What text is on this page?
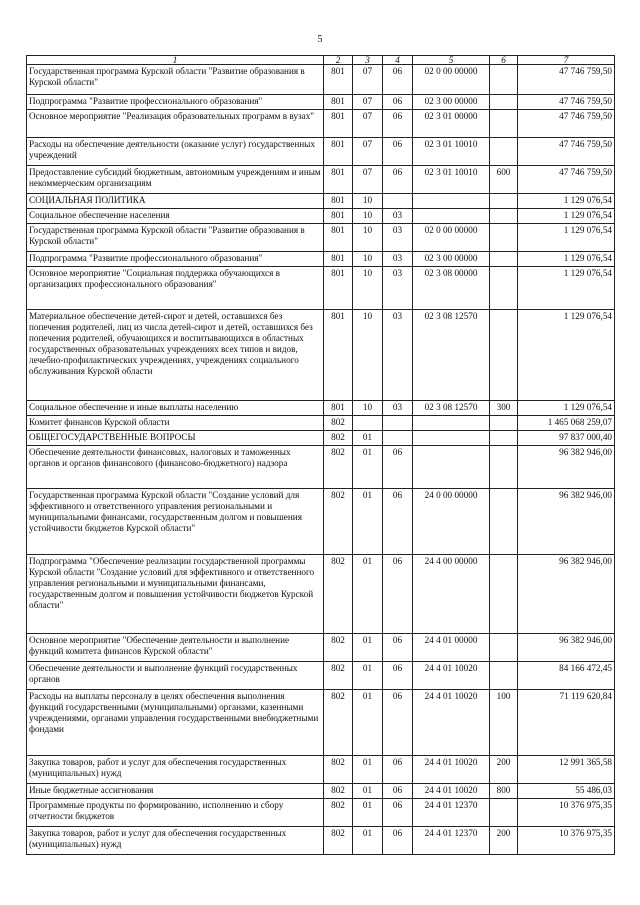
5
1	2	3	4	5	6	7
Государственная программа Курской области "Развитие образования в Курской области"	801	07	06	02 0 00 00000		47 746 759,50
Подпрограмма "Развитие профессионального образования"	801	07	06	02 3 00 00000		47 746 759,50
Основное мероприятие "Реализация образовательных программ в вузах"	801	07	06	02 3 01 00000		47 746 759,50
Расходы на обеспечение деятельности (оказание услуг) государственных учреждений	801	07	06	02 3 01 10010		47 746 759,50
Предоставление субсидий бюджетным, автономным учреждениям и иным некоммерческим организациям	801	07	06	02 3 01 10010	600	47 746 759,50
СОЦИАЛЬНАЯ ПОЛИТИКА	801	10				1 129 076,54
Социальное обеспечение населения	801	10	03			1 129 076,54
Государственная программа Курской области "Развитие образования в Курской области"	801	10	03	02 0 00 00000		1 129 076,54
Подпрограмма "Развитие профессионального образования"	801	10	03	02 3 00 00000		1 129 076,54
Основное мероприятие "Социальная поддержка обучающихся в организациях профессионального образования"	801	10	03	02 3 08 00000		1 129 076,54
Материальное обеспечение детей-сирот и детей, оставшихся без попечения родителей, лиц из числа детей-сирот и детей, оставшихся без попечения родителей, обучающихся и воспитывающихся в областных государственных образовательных учреждениях всех типов и видов, лечебно-профилактических учреждениях, учреждениях социального обслуживания Курской области	801	10	03	02 3 08 12570		1 129 076,54
Социальное обеспечение и иные выплаты населению	801	10	03	02 3 08 12570	300	1 129 076,54
Комитет финансов Курской области	802					1 465 068 259,07
ОБЩЕГОСУДАРСТВЕННЫЕ ВОПРОСЫ	802	01				97 837 000,40
Обеспечение деятельности финансовых, налоговых и таможенных органов и органов финансового (финансово-бюджетного) надзора	802	01	06			96 382 946,00
Государственная программа Курской области "Создание условий для эффективного и ответственного управления региональными и муниципальными финансами, государственным долгом и повышения устойчивости бюджетов Курской области"	802	01	06	24 0 00 00000		96 382 946,00
Подпрограмма "Обеспечение реализации государственной программы Курской области "Создание условий для эффективного и ответственного управления региональными и муниципальными финансами, государственным долгом и повышения устойчивости бюджетов Курской области"	802	01	06	24 4 00 00000		96 382 946,00
Основное мероприятие "Обеспечение деятельности и выполнение функций комитета финансов Курской области"	802	01	06	24 4 01 00000		96 382 946,00
Обеспечение деятельности и выполнение функций государственных органов	802	01	06	24 4 01 10020		84 166 472,45
Расходы на выплаты персоналу в целях обеспечения выполнения функций государственными (муниципальными) органами, казенными учреждениями, органами управления государственными внебюджетными фондами	802	01	06	24 4 01 10020	100	71 119 620,84
Закупка товаров, работ и услуг для обеспечения государственных (муниципальных) нужд	802	01	06	24 4 01 10020	200	12 991 365,58
Иные бюджетные ассигнования	802	01	06	24 4 01 10020	800	55 486,03
Программные продукты по формированию, исполнению и сбору отчетности бюджетов	802	01	06	24 4 01 12370		10 376 975,35
Закупка товаров, работ и услуг для обеспечения государственных (муниципальных) нужд	802	01	06	24 4 01 12370	200	10 376 975,35
